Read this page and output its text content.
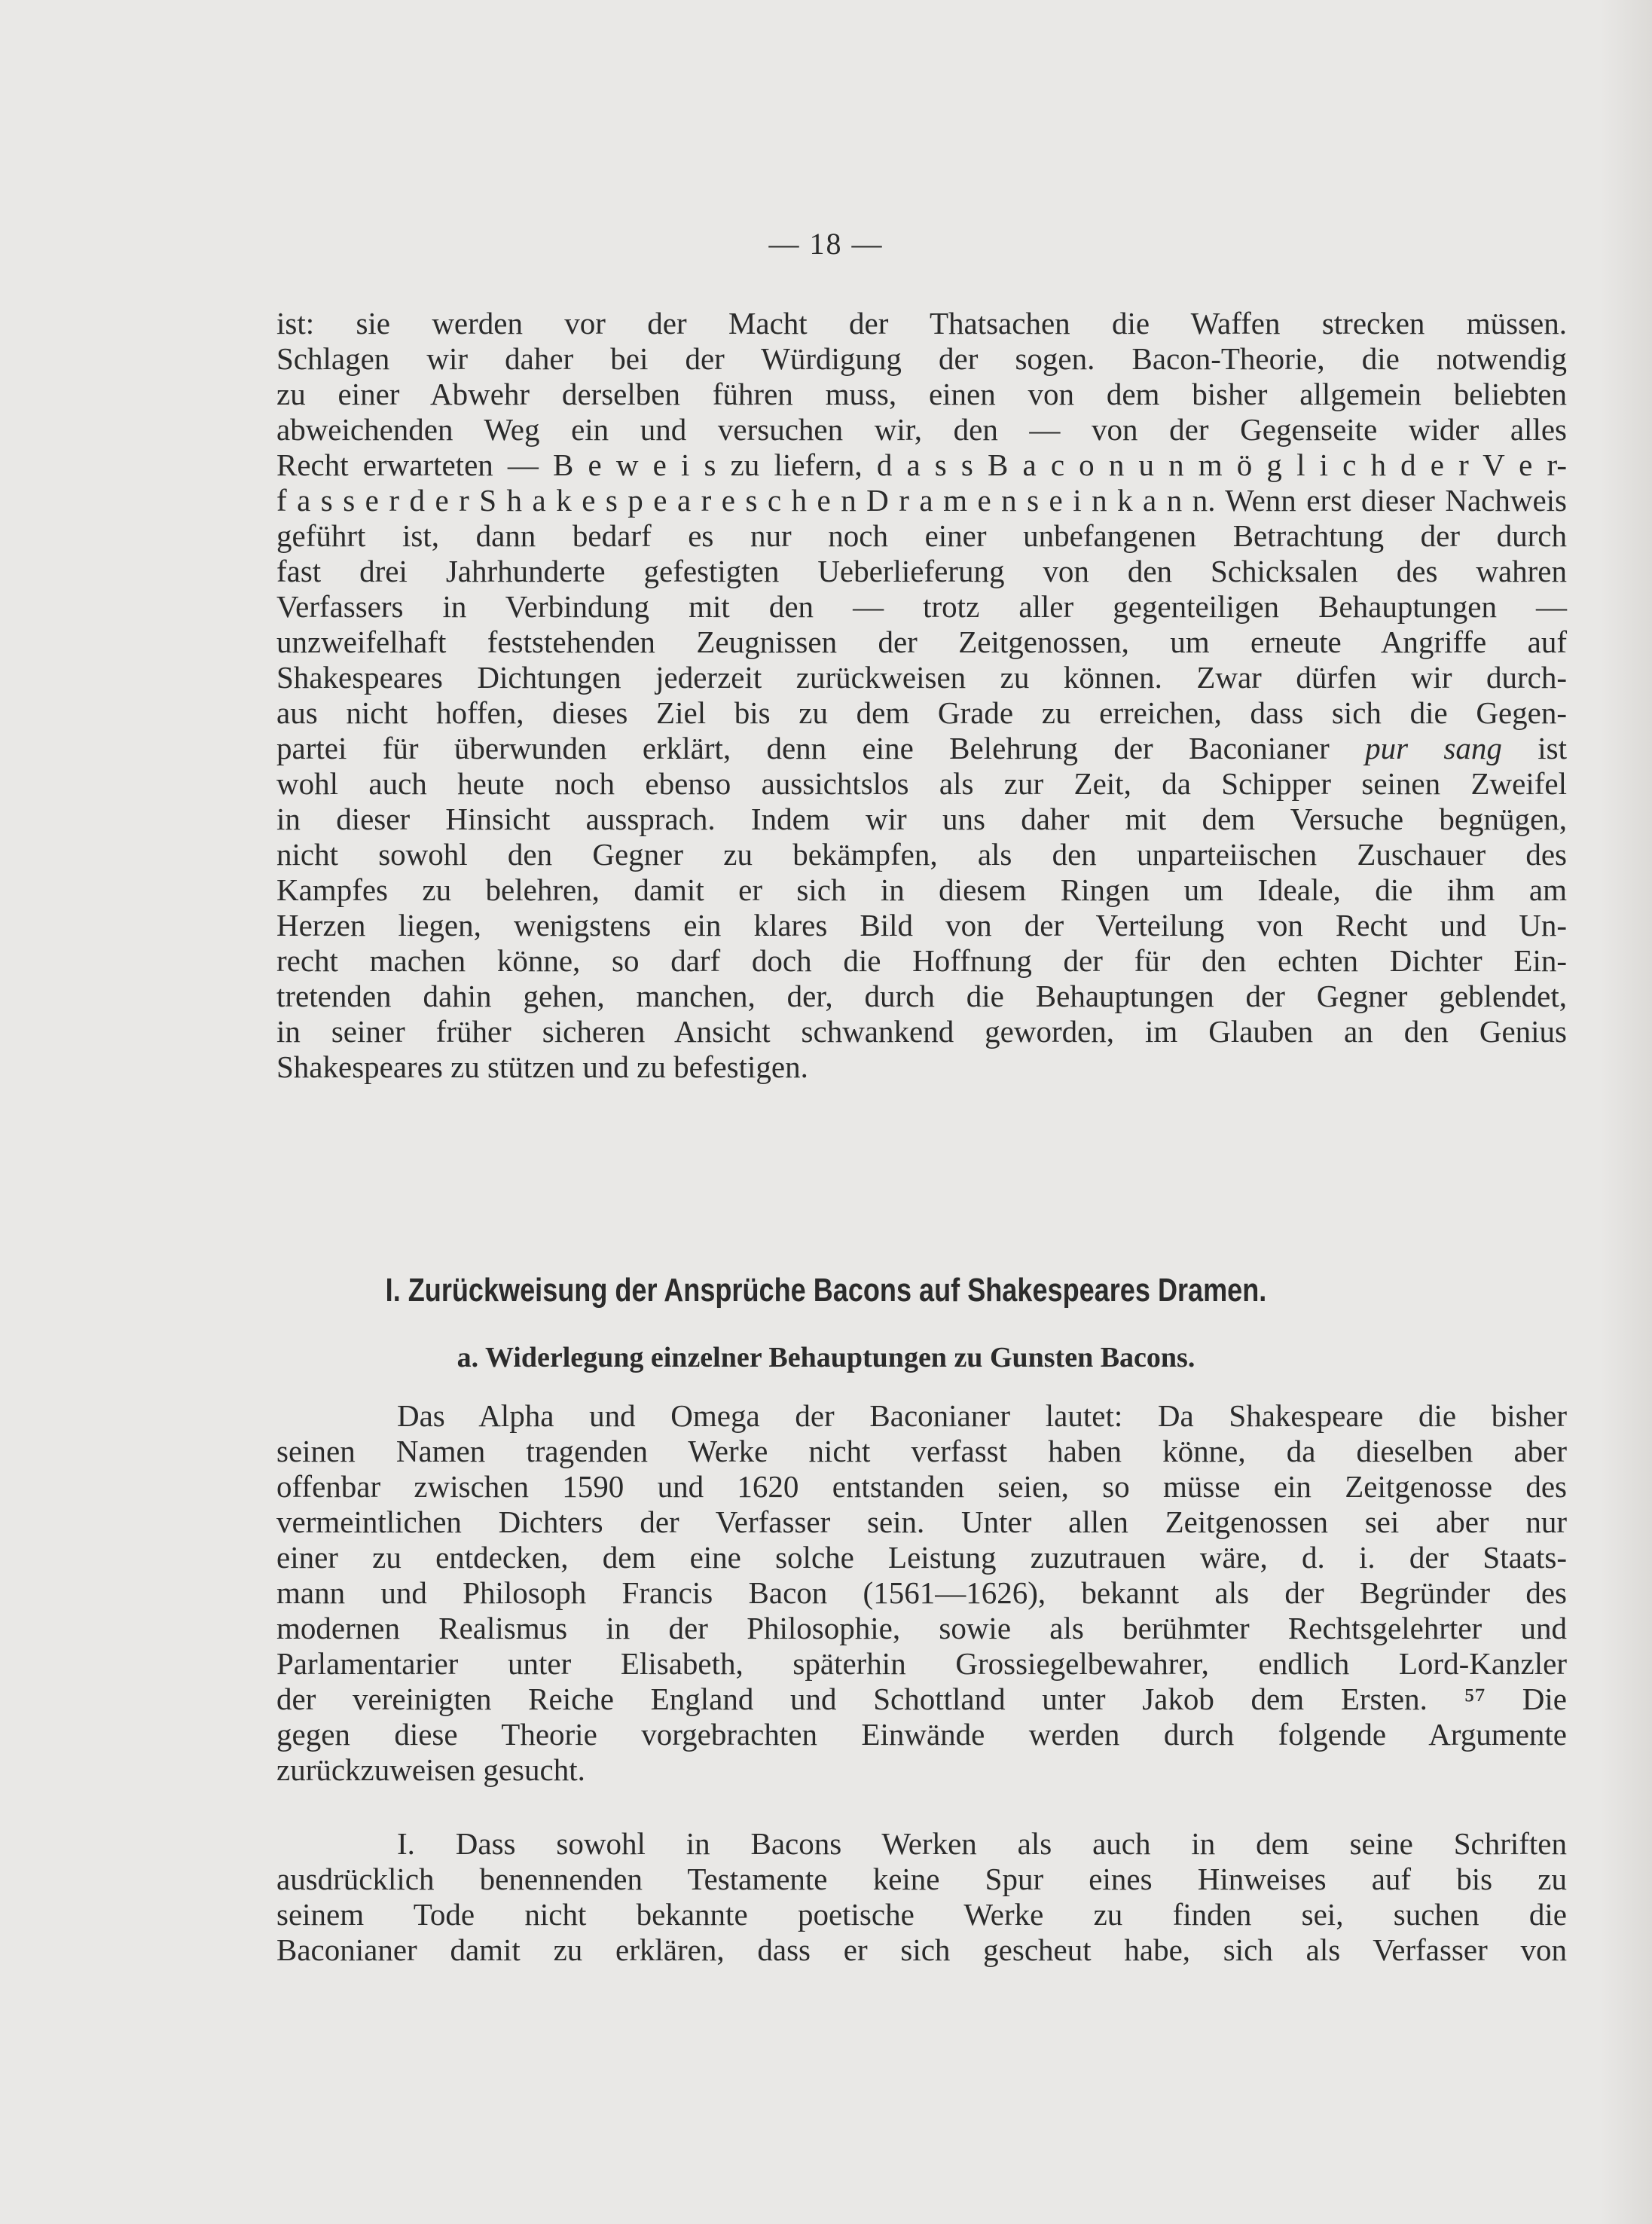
— 18 —
ist: sie werden vor der Macht der Thatsachen die Waffen strecken müssen.
Schlagen wir daher bei der Würdigung der sogen. Bacon-Theorie, die notwendig
zu einer Abwehr derselben führen muss, einen von dem bisher allgemein beliebten
abweichenden Weg ein und versuchen wir, den — von der Gegenseite wider alles
Recht erwarteten — B e w e i s zu liefern, d a s s B a c o n u n m ö g l i c h d e r V e r-
f a s s e r d e r S h a k e s p e a r e s c h e n D r a m e n s e i n k a n n. Wenn erst dieser Nachweis
geführt ist, dann bedarf es nur noch einer unbefangenen Betrachtung der durch
fast drei Jahrhunderte gefestigten Ueberlieferung von den Schicksalen des wahren
Verfassers in Verbindung mit den — trotz aller gegenteiligen Behauptungen —
unzweifelhaft feststehenden Zeugnissen der Zeitgenossen, um erneute Angriffe auf
Shakespeares Dichtungen jederzeit zurückweisen zu können. Zwar dürfen wir durch-
aus nicht hoffen, dieses Ziel bis zu dem Grade zu erreichen, dass sich die Gegen-
partei für überwunden erklärt, denn eine Belehrung der Baconianer pur sang ist
wohl auch heute noch ebenso aussichtslos als zur Zeit, da Schipper seinen Zweifel
in dieser Hinsicht aussprach. Indem wir uns daher mit dem Versuche begnügen,
nicht sowohl den Gegner zu bekämpfen, als den unparteiischen Zuschauer des
Kampfes zu belehren, damit er sich in diesem Ringen um Ideale, die ihm am
Herzen liegen, wenigstens ein klares Bild von der Verteilung von Recht und Un-
recht machen könne, so darf doch die Hoffnung der für den echten Dichter Ein-
tretenden dahin gehen, manchen, der, durch die Behauptungen der Gegner geblendet,
in seiner früher sicheren Ansicht schwankend geworden, im Glauben an den Genius
Shakespeares zu stützen und zu befestigen.
I. Zurückweisung der Ansprüche Bacons auf Shakespeares Dramen.
a. Widerlegung einzelner Behauptungen zu Gunsten Bacons.
Das Alpha und Omega der Baconianer lautet: Da Shakespeare die bisher
seinen Namen tragenden Werke nicht verfasst haben könne, da dieselben aber
offenbar zwischen 1590 und 1620 entstanden seien, so müsse ein Zeitgenosse des
vermeintlichen Dichters der Verfasser sein. Unter allen Zeitgenossen sei aber nur
einer zu entdecken, dem eine solche Leistung zuzutrauen wäre, d. i. der Staats-
mann und Philosoph Francis Bacon (1561—1626), bekannt als der Begründer des
modernen Realismus in der Philosophie, sowie als berühmter Rechtsgelehrter und
Parlamentarier unter Elisabeth, späterhin Grossiegelbewahrer, endlich Lord-Kanzler
der vereinigten Reiche England und Schottland unter Jakob dem Ersten. ⁵⁷ Die
gegen diese Theorie vorgebrachten Einwände werden durch folgende Argumente
zurückzuweisen gesucht.
I. Dass sowohl in Bacons Werken als auch in dem seine Schriften
ausdrücklich benennenden Testamente keine Spur eines Hinweises auf bis zu
seinem Tode nicht bekannte poetische Werke zu finden sei, suchen die
Baconianer damit zu erklären, dass er sich gescheut habe, sich als Verfasser von
